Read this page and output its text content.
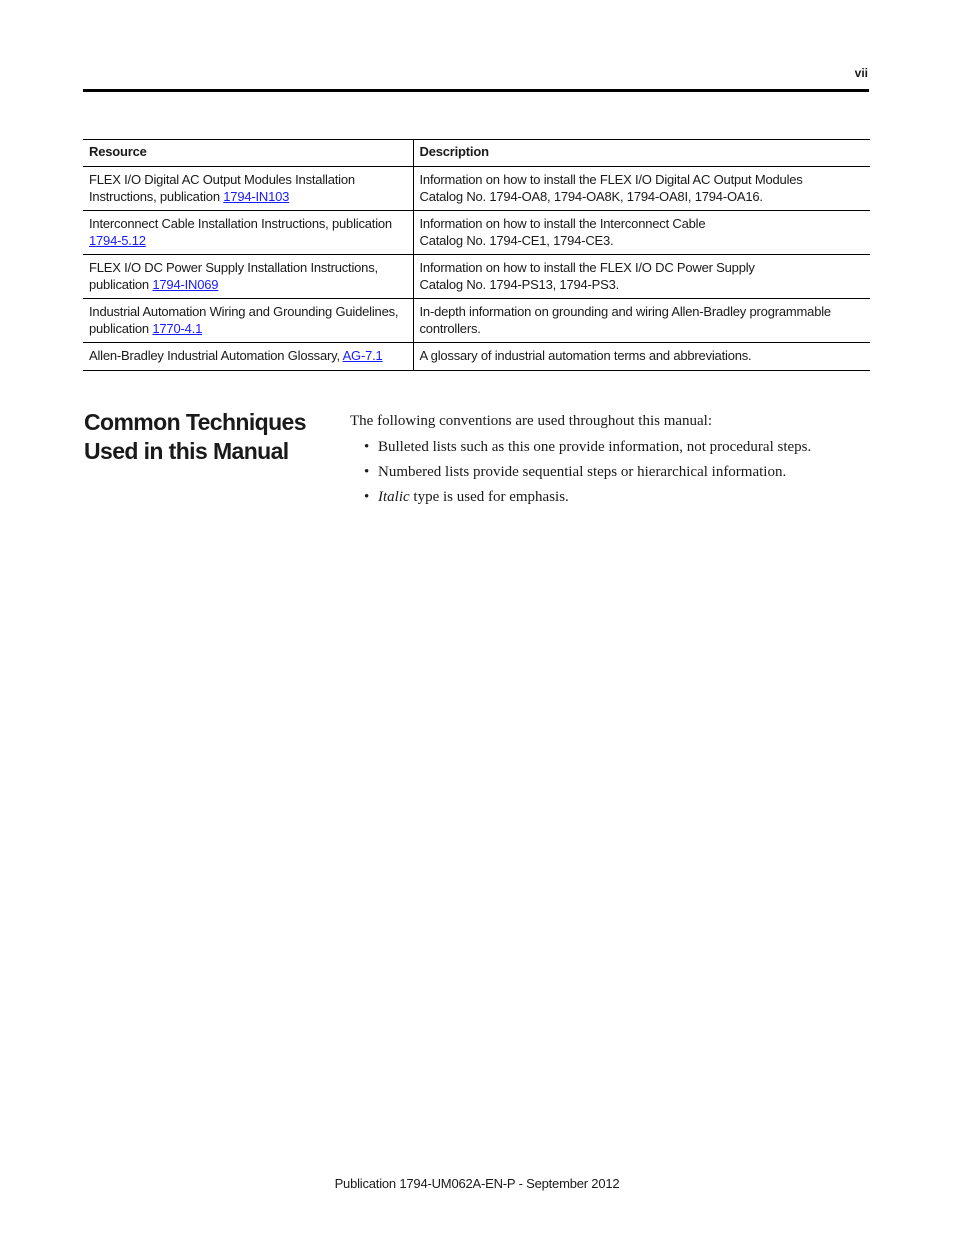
vii
Resource	Description
FLEX I/O Digital AC Output Modules Installation Instructions, publication 1794-IN103	Information on how to install the FLEX I/O Digital AC Output Modules
Catalog No. 1794-OA8, 1794-OA8K, 1794-OA8I, 1794-OA16.
Interconnect Cable Installation Instructions, publication 1794-5.12	Information on how to install the Interconnect Cable
Catalog No. 1794-CE1, 1794-CE3.
FLEX I/O DC Power Supply Installation Instructions, publication 1794-IN069	Information on how to install the FLEX I/O DC Power Supply
Catalog No. 1794-PS13, 1794-PS3.
Industrial Automation Wiring and Grounding Guidelines, publication 1770-4.1	In-depth information on grounding and wiring Allen-Bradley programmable controllers.
Allen-Bradley Industrial Automation Glossary, AG-7.1	A glossary of industrial automation terms and abbreviations.
Common Techniques Used in this Manual

The following conventions are used throughout this manual:

• Bulleted lists such as this one provide information, not procedural steps.
• Numbered lists provide sequential steps or hierarchical information.
• Italic type is used for emphasis.
Publication 1794-UM062A-EN-P - September 2012
